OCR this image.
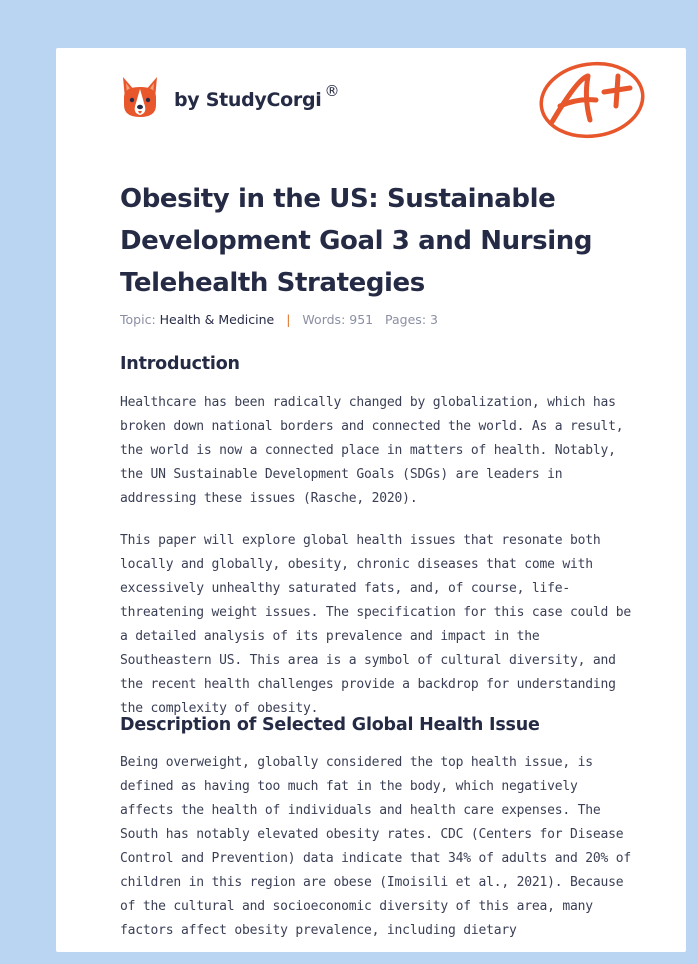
by StudyCorgi ®
Obesity in the US: Sustainable Development Goal 3 and Nursing Telehealth Strategies
Topic: Health & Medicine | Words: 951 Pages: 3
Introduction

Healthcare has been radically changed by globalization, which has broken down national borders and connected the world. As a result, the world is now a connected place in matters of health. Notably, the UN Sustainable Development Goals (SDGs) are leaders in addressing these issues (Rasche, 2020).

This paper will explore global health issues that resonate both locally and globally, obesity, chronic diseases that come with excessively unhealthy saturated fats, and, of course, life-threatening weight issues. The specification for this case could be a detailed analysis of its prevalence and impact in the Southeastern US. This area is a symbol of cultural diversity, and the recent health challenges provide a backdrop for understanding the complexity of obesity.

Description of Selected Global Health Issue

Being overweight, globally considered the top health issue, is defined as having too much fat in the body, which negatively affects the health of individuals and health care expenses. The South has notably elevated obesity rates. CDC (Centers for Disease Control and Prevention) data indicate that 34% of adults and 20% of children in this region are obese (Imoisili et al., 2021). Because of the cultural and socioeconomic diversity of this area, many factors affect obesity prevalence, including dietary
